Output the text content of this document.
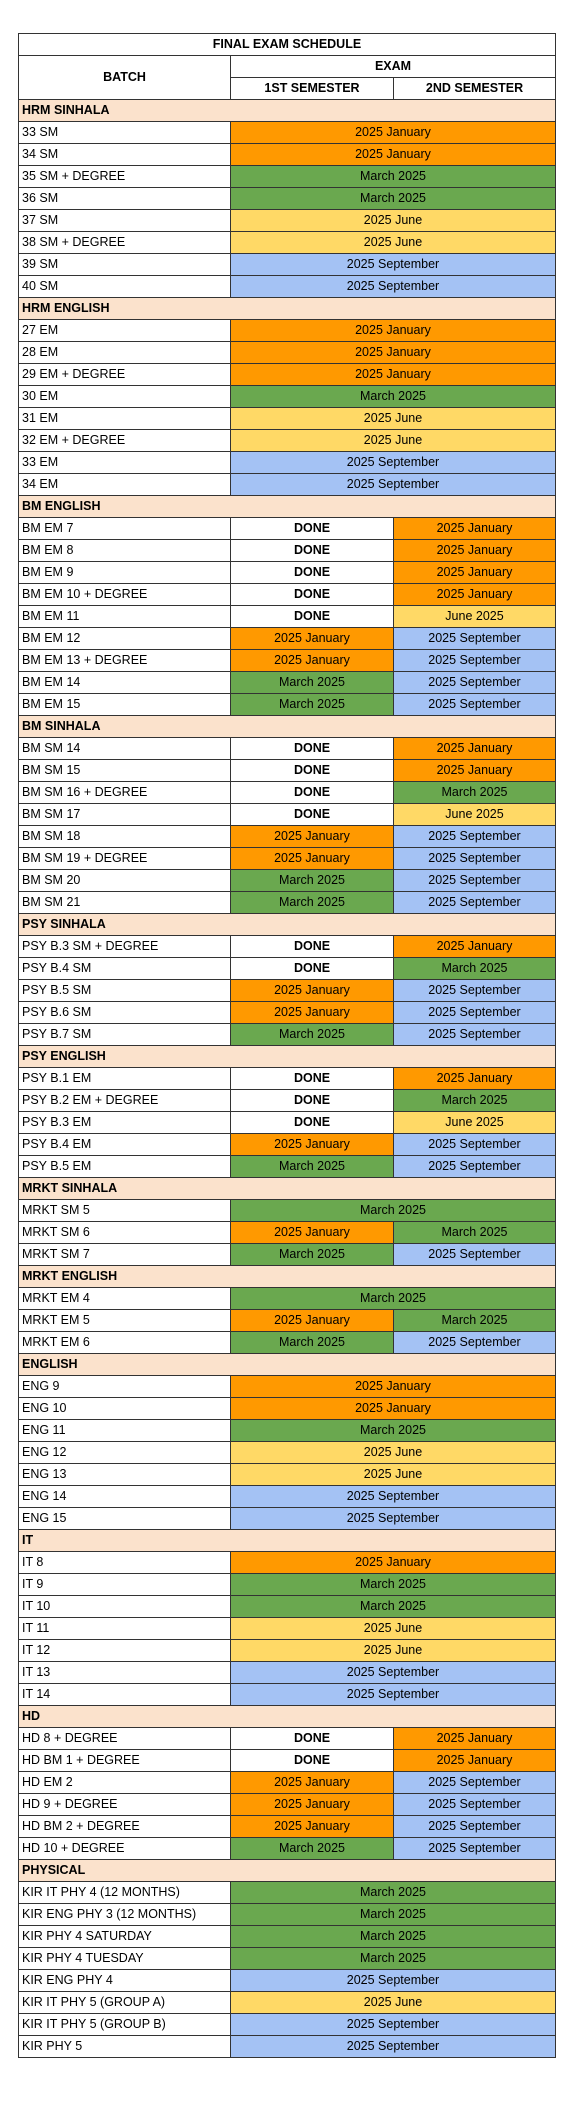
FINAL EXAM SCHEDULE		
BATCH	EXAM	
	1ST SEMESTER	2ND SEMESTER
HRM SINHALA		
33 SM	2025 January	
34 SM	2025 January	
35 SM + DEGREE	March 2025	
36 SM	March 2025	
37 SM	2025 June	
38 SM + DEGREE	2025 June	
39 SM	2025 September	
40 SM	2025 September	
HRM ENGLISH		
27 EM	2025 January	
28 EM	2025 January	
29 EM + DEGREE	2025 January	
30 EM	March 2025	
31 EM	2025 June	
32 EM + DEGREE	2025 June	
33 EM	2025 September	
34 EM	2025 September	
BM ENGLISH		
BM EM 7	DONE	2025 January
BM EM 8	DONE	2025 January
BM EM 9	DONE	2025 January
BM EM 10 + DEGREE	DONE	2025 January
BM EM 11	DONE	June 2025
BM EM 12	2025 January	2025 September
BM EM 13 + DEGREE	2025 January	2025 September
BM EM 14	March 2025	2025 September
BM EM 15	March 2025	2025 September
BM SINHALA		
BM SM 14	DONE	2025 January
BM SM 15	DONE	2025 January
BM SM 16 + DEGREE	DONE	March 2025
BM SM 17	DONE	June 2025
BM SM 18	2025 January	2025 September
BM SM 19 + DEGREE	2025 January	2025 September
BM SM 20	March 2025	2025 September
BM SM 21	March 2025	2025 September
PSY SINHALA		
PSY B.3 SM + DEGREE	DONE	2025 January
PSY B.4 SM	DONE	March 2025
PSY B.5 SM	2025 January	2025 September
PSY B.6 SM	2025 January	2025 September
PSY B.7 SM	March 2025	2025 September
PSY ENGLISH		
PSY B.1 EM	DONE	2025 January
PSY B.2 EM + DEGREE	DONE	March 2025
PSY B.3 EM	DONE	June 2025
PSY B.4 EM	2025 January	2025 September
PSY B.5 EM	March 2025	2025 September
MRKT SINHALA		
MRKT SM 5	March 2025	
MRKT SM 6	2025 January	March 2025
MRKT SM 7	March 2025	2025 September
MRKT ENGLISH		
MRKT EM 4	March 2025	
MRKT EM 5	2025 January	March 2025
MRKT EM 6	March 2025	2025 September
ENGLISH		
ENG 9	2025 January	
ENG 10	2025 January	
ENG 11	March 2025	
ENG 12	2025 June	
ENG 13	2025 June	
ENG 14	2025 September	
ENG 15	2025 September	
IT		
IT 8	2025 January	
IT 9	March 2025	
IT 10	March 2025	
IT 11	2025 June	
IT 12	2025 June	
IT 13	2025 September	
IT 14	2025 September	
HD		
HD 8 + DEGREE	DONE	2025 January
HD BM 1 + DEGREE	DONE	2025 January
HD EM 2	2025 January	2025 September
HD 9 + DEGREE	2025 January	2025 September
HD BM 2 + DEGREE	2025 January	2025 September
HD 10 + DEGREE	March 2025	2025 September
PHYSICAL		
KIR IT PHY 4 (12 MONTHS)	March 2025	
KIR ENG PHY 3 (12 MONTHS)	March 2025	
KIR PHY 4 SATURDAY	March 2025	
KIR PHY 4 TUESDAY	March 2025	
KIR ENG PHY 4	2025 September	
KIR IT PHY 5 (GROUP A)	2025 June	
KIR IT PHY 5 (GROUP B)	2025 September	
KIR PHY 5	2025 September	
